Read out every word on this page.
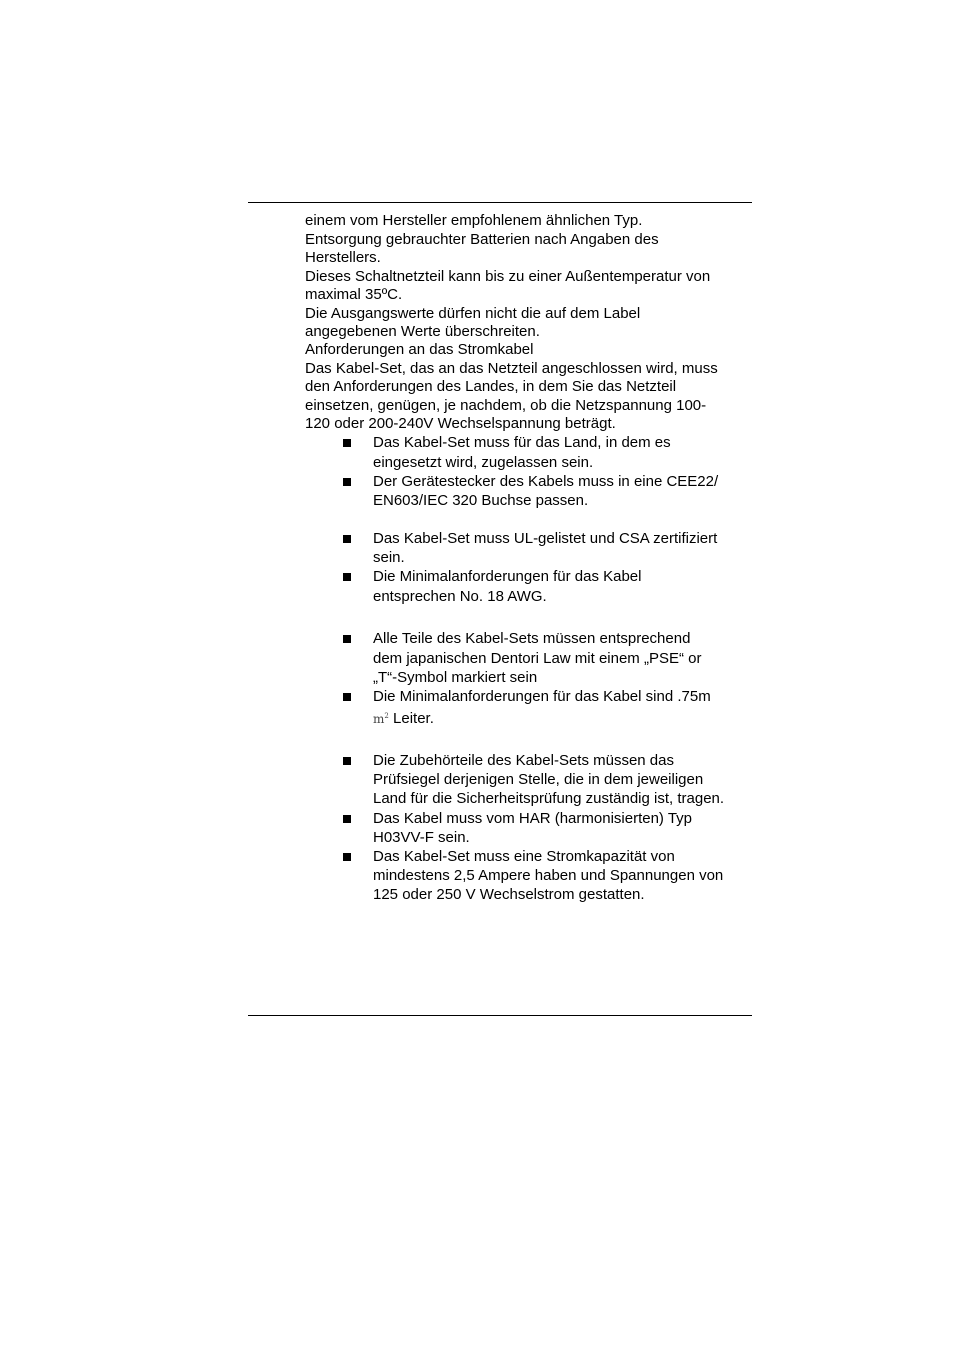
einem vom Hersteller empfohlenem ähnlichen Typ.
Entsorgung gebrauchter Batterien nach Angaben des
Herstellers.
Dieses Schaltnetzteil kann bis zu einer Außentemperatur von
maximal 35ºC.
Die Ausgangswerte dürfen nicht die auf dem Label
angegebenen Werte überschreiten.
Anforderungen an das Stromkabel
Das Kabel-Set, das an das Netzteil angeschlossen wird, muss
den Anforderungen des Landes, in dem Sie das Netzteil
einsetzen, genügen, je nachdem, ob die Netzspannung 100-
120 oder 200-240V Wechselspannung beträgt.
Das Kabel-Set muss für das Land, in dem es
eingesetzt wird, zugelassen sein.
Der Gerätestecker des Kabels muss in eine CEE22/
EN603/IEC 320 Buchse passen.
Das Kabel-Set muss UL-gelistet und CSA zertifiziert
sein.
Die Minimalanforderungen für das Kabel
entsprechen No. 18 AWG.
Alle Teile des Kabel-Sets müssen entsprechend
dem japanischen Dentori Law mit einem „PSE“ or
„T“-Symbol markiert sein
Die Minimalanforderungen für das Kabel sind .75m
$m^2$ Leiter.
Die Zubehörteile des Kabel-Sets müssen das
Prüfsiegel derjenigen Stelle, die in dem jeweiligen
Land für die Sicherheitsprüfung zuständig ist, tragen.
Das Kabel muss vom HAR (harmonisierten) Typ
H03VV-F sein.
Das Kabel-Set muss eine Stromkapazität von
mindestens 2,5 Ampere haben und Spannungen von
125 oder 250 V Wechselstrom gestatten.
